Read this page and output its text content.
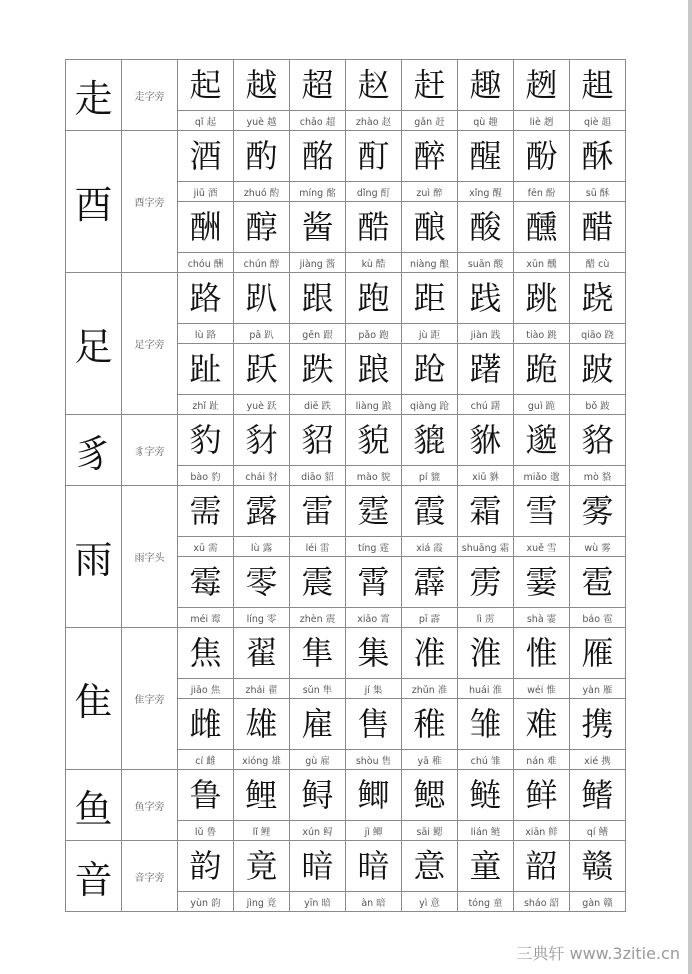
走	走字旁	起	越	超	赵	赶	趣	趔	趄
		qǐ 起	yuè 越	chāo 超	zhào 赵	gǎn 赶	qù 趣	liè 趔	qiè 趄
酉	酉字旁	酒	酌	酩	酊	醉	醒	酚	酥
		jiǔ 酒	zhuó 酌	míng 酩	dǐng 酊	zuì 醉	xǐng 醒	fēn 酚	sū 酥
		酬	醇	酱	酷	酿	酸	醺	醋
		chóu 酬	chún 醇	jiàng 酱	kù 酷	niàng 酿	suān 酸	xūn 醺	醋 cù
足	足字旁	路	趴	跟	跑	距	践	跳	跷
		lù 路	pā 趴	gēn 跟	pǎo 跑	jù 距	jiàn 践	tiào 跳	qiāo 跷
		趾	跃	跌	踉	跄	躇	跪	跛
		zhǐ 趾	yuè 跃	diē 跌	liàng 踉	qiàng 跄	chú 躇	guì 跪	bǒ 跛
豸	豸字旁	豹	豺	貂	貌	貔	貅	邈	貉
		bào 豹	chái 豺	diāo 貂	mào 貌	pí 貔	xiū 貅	miǎo 邈	mò 貉
雨	雨字头	需	露	雷	霆	霞	霜	雪	雾
		xū 需	lù 露	léi 雷	tíng 霆	xiá 霞	shuāng 霜	xuě 雪	wù 雾
		霉	零	震	霄	霹	雳	霎	雹
		méi 霉	líng 零	zhèn 震	xiāo 霄	pī 霹	lì 雳	shà 霎	báo 雹
隹	隹字旁	焦	翟	隼	集	准	淮	惟	雁
		jiāo 焦	zhái 翟	sǔn 隼	jí 集	zhǔn 准	huái 淮	wéi 惟	yàn 雁
		雌	雄	雇	售	稚	雏	难	携
		cí 雌	xióng 雄	gù 雇	shòu 售	yā 稚	chú 雏	nán 难	xié 携
鱼	鱼字旁	鲁	鲤	鲟	鲫	鳃	鲢	鲜	鳍
		lǔ 鲁	lǐ 鲤	xún 鲟	jì 鲫	sāi 鳃	lián 鲢	xiān 鲜	qí 鳍
音	音字旁	韵	竟	暗	暗	意	童	韶	赣
		yùn 韵	jìng 竟	yīn 暗	àn 暗	yì 意	tóng 童	sháo 韶	gàn 赣
三典轩 www.3zitie.cn
